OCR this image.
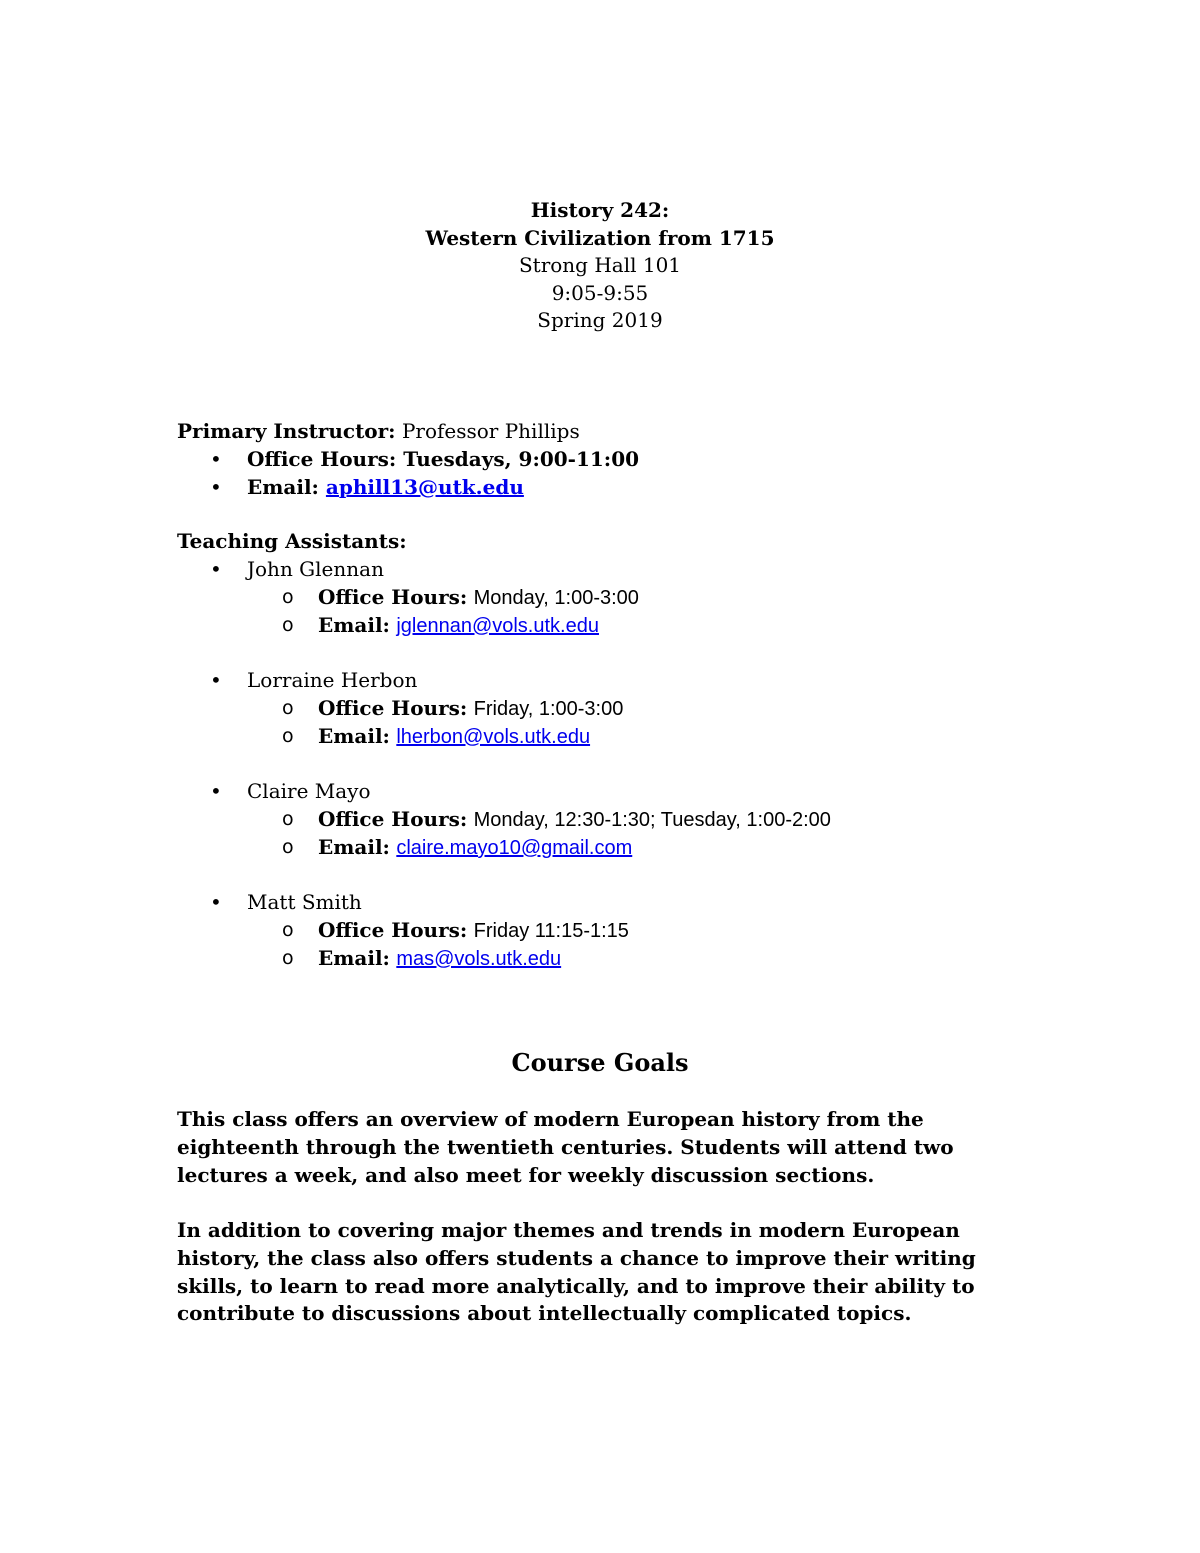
History 242:
Western Civilization from 1715
Strong Hall 101
9:05-9:55
Spring 2019
Primary Instructor: Professor Phillips
• Office Hours: Tuesdays, 9:00-11:00
• Email: aphill13@utk.edu
Teaching Assistants:
• John Glennan
o Office Hours: Monday, 1:00-3:00
o Email: jglennan@vols.utk.edu
• Lorraine Herbon
o Office Hours: Friday, 1:00-3:00
o Email: lherbon@vols.utk.edu
• Claire Mayo
o Office Hours: Monday, 12:30-1:30; Tuesday, 1:00-2:00
o Email: claire.mayo10@gmail.com
• Matt Smith
o Office Hours: Friday 11:15-1:15
o Email: mas@vols.utk.edu
Course Goals
This class offers an overview of modern European history from the eighteenth through the twentieth centuries. Students will attend two lectures a week, and also meet for weekly discussion sections.
In addition to covering major themes and trends in modern European history, the class also offers students a chance to improve their writing skills, to learn to read more analytically, and to improve their ability to contribute to discussions about intellectually complicated topics.
